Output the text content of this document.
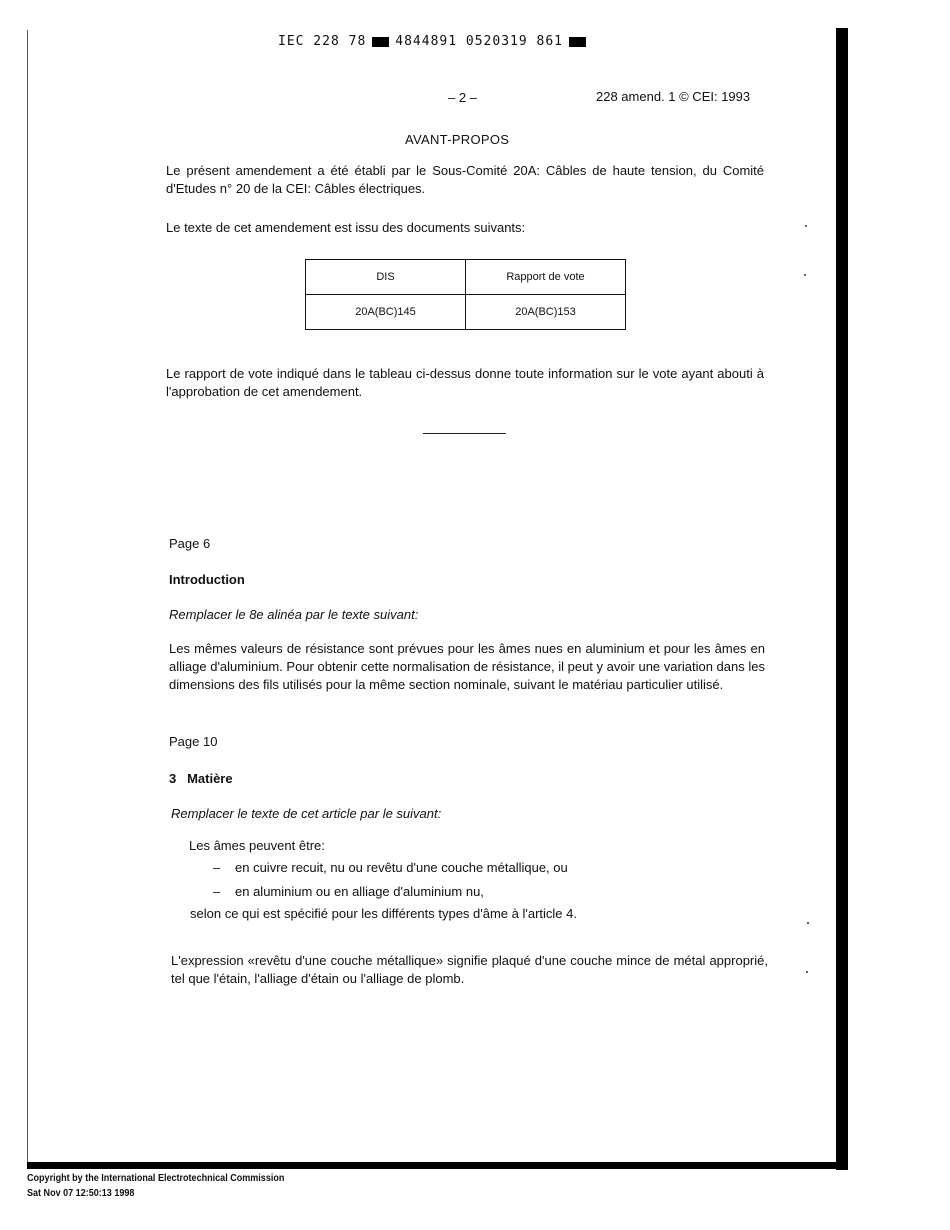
IEC 228 78 4844891 0520319 861
– 2 –	228 amend. 1 © CEI: 1993
AVANT-PROPOS
Le présent amendement a été établi par le Sous-Comité 20A: Câbles de haute tension, du Comité d'Etudes n° 20 de la CEI: Câbles électriques.
Le texte de cet amendement est issu des documents suivants:
DIS	Rapport de vote
20A(BC)145	20A(BC)153
Le rapport de vote indiqué dans le tableau ci-dessus donne toute information sur le vote ayant abouti à l'approbation de cet amendement.
Page 6
Introduction
Remplacer le 8e alinéa par le texte suivant:
Les mêmes valeurs de résistance sont prévues pour les âmes nues en aluminium et pour les âmes en alliage d'aluminium. Pour obtenir cette normalisation de résistance, il peut y avoir une variation dans les dimensions des fils utilisés pour la même section nominale, suivant le matériau particulier utilisé.
Page 10
3 Matière
Remplacer le texte de cet article par le suivant:
Les âmes peuvent être:
– en cuivre recuit, nu ou revêtu d'une couche métallique, ou
– en aluminium ou en alliage d'aluminium nu,
selon ce qui est spécifié pour les différents types d'âme à l'article 4.
L'expression «revêtu d'une couche métallique» signifie plaqué d'une couche mince de métal approprié, tel que l'étain, l'alliage d'étain ou l'alliage de plomb.
Copyright by the International Electrotechnical Commission
Sat Nov 07 12:50:13 1998
